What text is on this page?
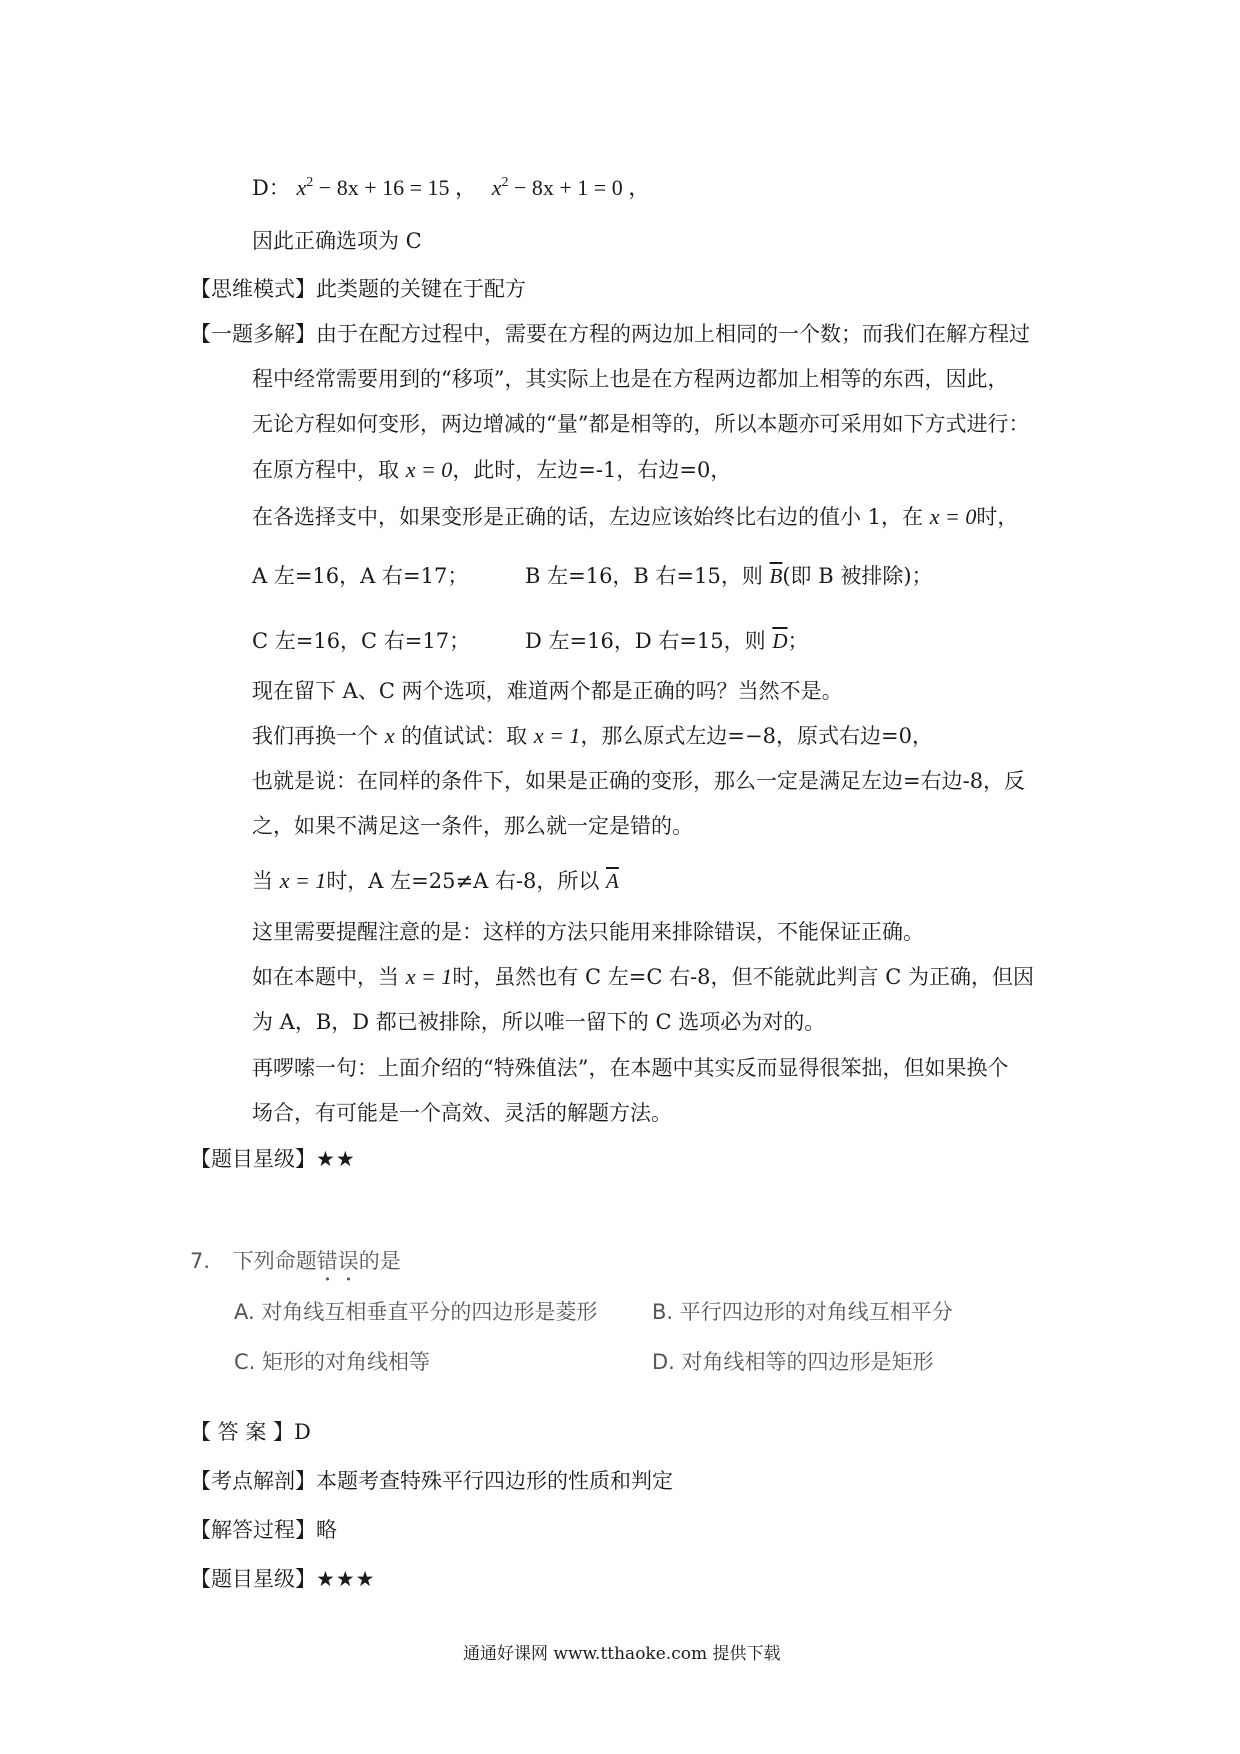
D： $x^2 - 8x + 16 = 15$ ， $x^2 - 8x + 1 = 0$ ，
因此正确选项为 C
【思维模式】此类题的关键在于配方
【一题多解】由于在配方过程中，需要在方程的两边加上相同的一个数；而我们在解方程过
程中经常需要用到的“移项”，其实际上也是在方程两边都加上相等的东西，因此，
无论方程如何变形，两边增减的“量”都是相等的，所以本题亦可采用如下方式进行：
在原方程中，取 x = 0，此时，左边=-1，右边=0，
在各选择支中，如果变形是正确的话，左边应该始终比右边的值小 1，在 x = 0时，
A 左=16，A 右=17；	B 左=16，B 右=15，则 $\overline{B}$(即 B 被排除)；
C 左=16，C 右=17；	D 左=16，D 右=15，则 $\overline{D}$；
现在留下 A、C 两个选项，难道两个都是正确的吗？当然不是。
我们再换一个 x 的值试试：取 x = 1，那么原式左边=−8，原式右边=0，
也就是说：在同样的条件下，如果是正确的变形，那么一定是满足左边=右边-8，反
之，如果不满足这一条件，那么就一定是错的。
当 x = 1时，A 左=25≠A 右-8，所以 $\overline{A}$
这里需要提醒注意的是：这样的方法只能用来排除错误，不能保证正确。
如在本题中，当 x = 1时，虽然也有 C 左=C 右-8，但不能就此判言 C 为正确，但因
为 A，B，D 都已被排除，所以唯一留下的 C 选项必为对的。
再啰嗦一句：上面介绍的“特殊值法”，在本题中其实反而显得很笨拙，但如果换个
场合，有可能是一个高效、灵活的解题方法。
【题目星级】★★
7. 下列命题错误的是
A. 对角线互相垂直平分的四边形是菱形	B. 平行四边形的对角线互相平分
C. 矩形的对角线相等	D. 对角线相等的四边形是矩形
【 答 案 】D
【考点解剖】本题考查特殊平行四边形的性质和判定
【解答过程】略
【题目星级】★★★
通通好课网 www.tthaoke.com 提供下载
